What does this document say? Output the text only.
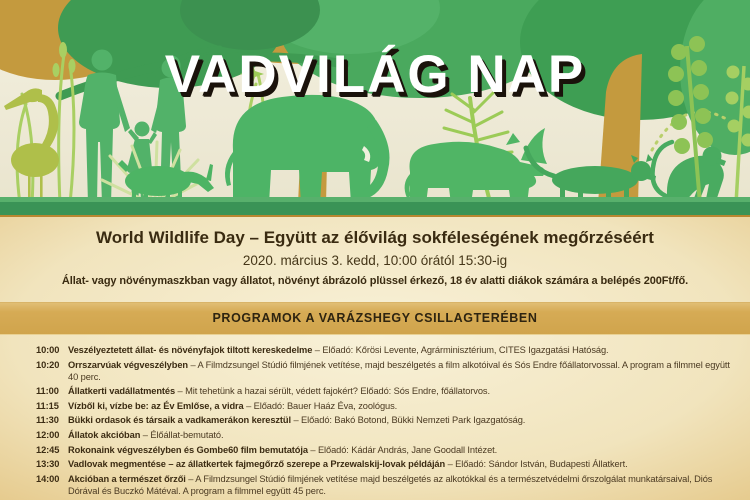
VADVILÁG NAP

World Wildlife Day – Együtt az élővilág sokféleségének megőrzéséért

2020. március 3. kedd, 10:00 órától 15:30-ig

Állat- vagy növénymaszkban vagy állatot, növényt ábrázoló plüssel érkező, 18 év alatti diákok számára a belépés 200Ft/fő.

PROGRAMOK A VARÁZSHEGY CSILLAGTERÉBEN
10:00 Veszélyeztetett állat- és növényfajok tiltott kereskedelme – Előadó: Kőrösi Levente, Agrárminisztérium, CITES Igazgatási Hatóság.
10:20 Orrszarvúak végveszélyben – A Filmdzsungel Stúdió filmjének vetítése, majd beszélgetés a film alkotóival és Sós Endre főállatorvossal. A program a filmmel együtt 40 perc.
11:00 Állatkerti vadállatmentés – Mit tehetünk a hazai sérült, védett fajokért? Előadó: Sós Endre, főállatorvos.
11:15 Vízből ki, vízbe be: az Év Emlőse, a vidra – Előadó: Bauer Haáz Éva, zoológus.
11:30 Bükki ordasok és társaik a vadkamerákon keresztül – Előadó: Bakó Botond, Bükki Nemzeti Park Igazgatóság.
12:00 Állatok akcióban – Élőállat-bemutató.
12:45 Rokonaink végveszélyben és Gombe60 film bemutatója – Előadó: Kádár András, Jane Goodall Intézet.
13:30 Vadlovak megmentése – az állatkertek fajmegőrző szerepe a Przewalskij-lovak példáján – Előadó: Sándor István, Budapesti Állatkert.
14:00 Akcióban a természet őrzői – A Filmdzsungel Stúdió filmjének vetítése majd beszélgetés az alkotókkal és a természetvédelmi őrszolgálat munkatársaival, Diós Dórával és Buczkó Mátéval. A program a filmmel együtt 45 perc.
